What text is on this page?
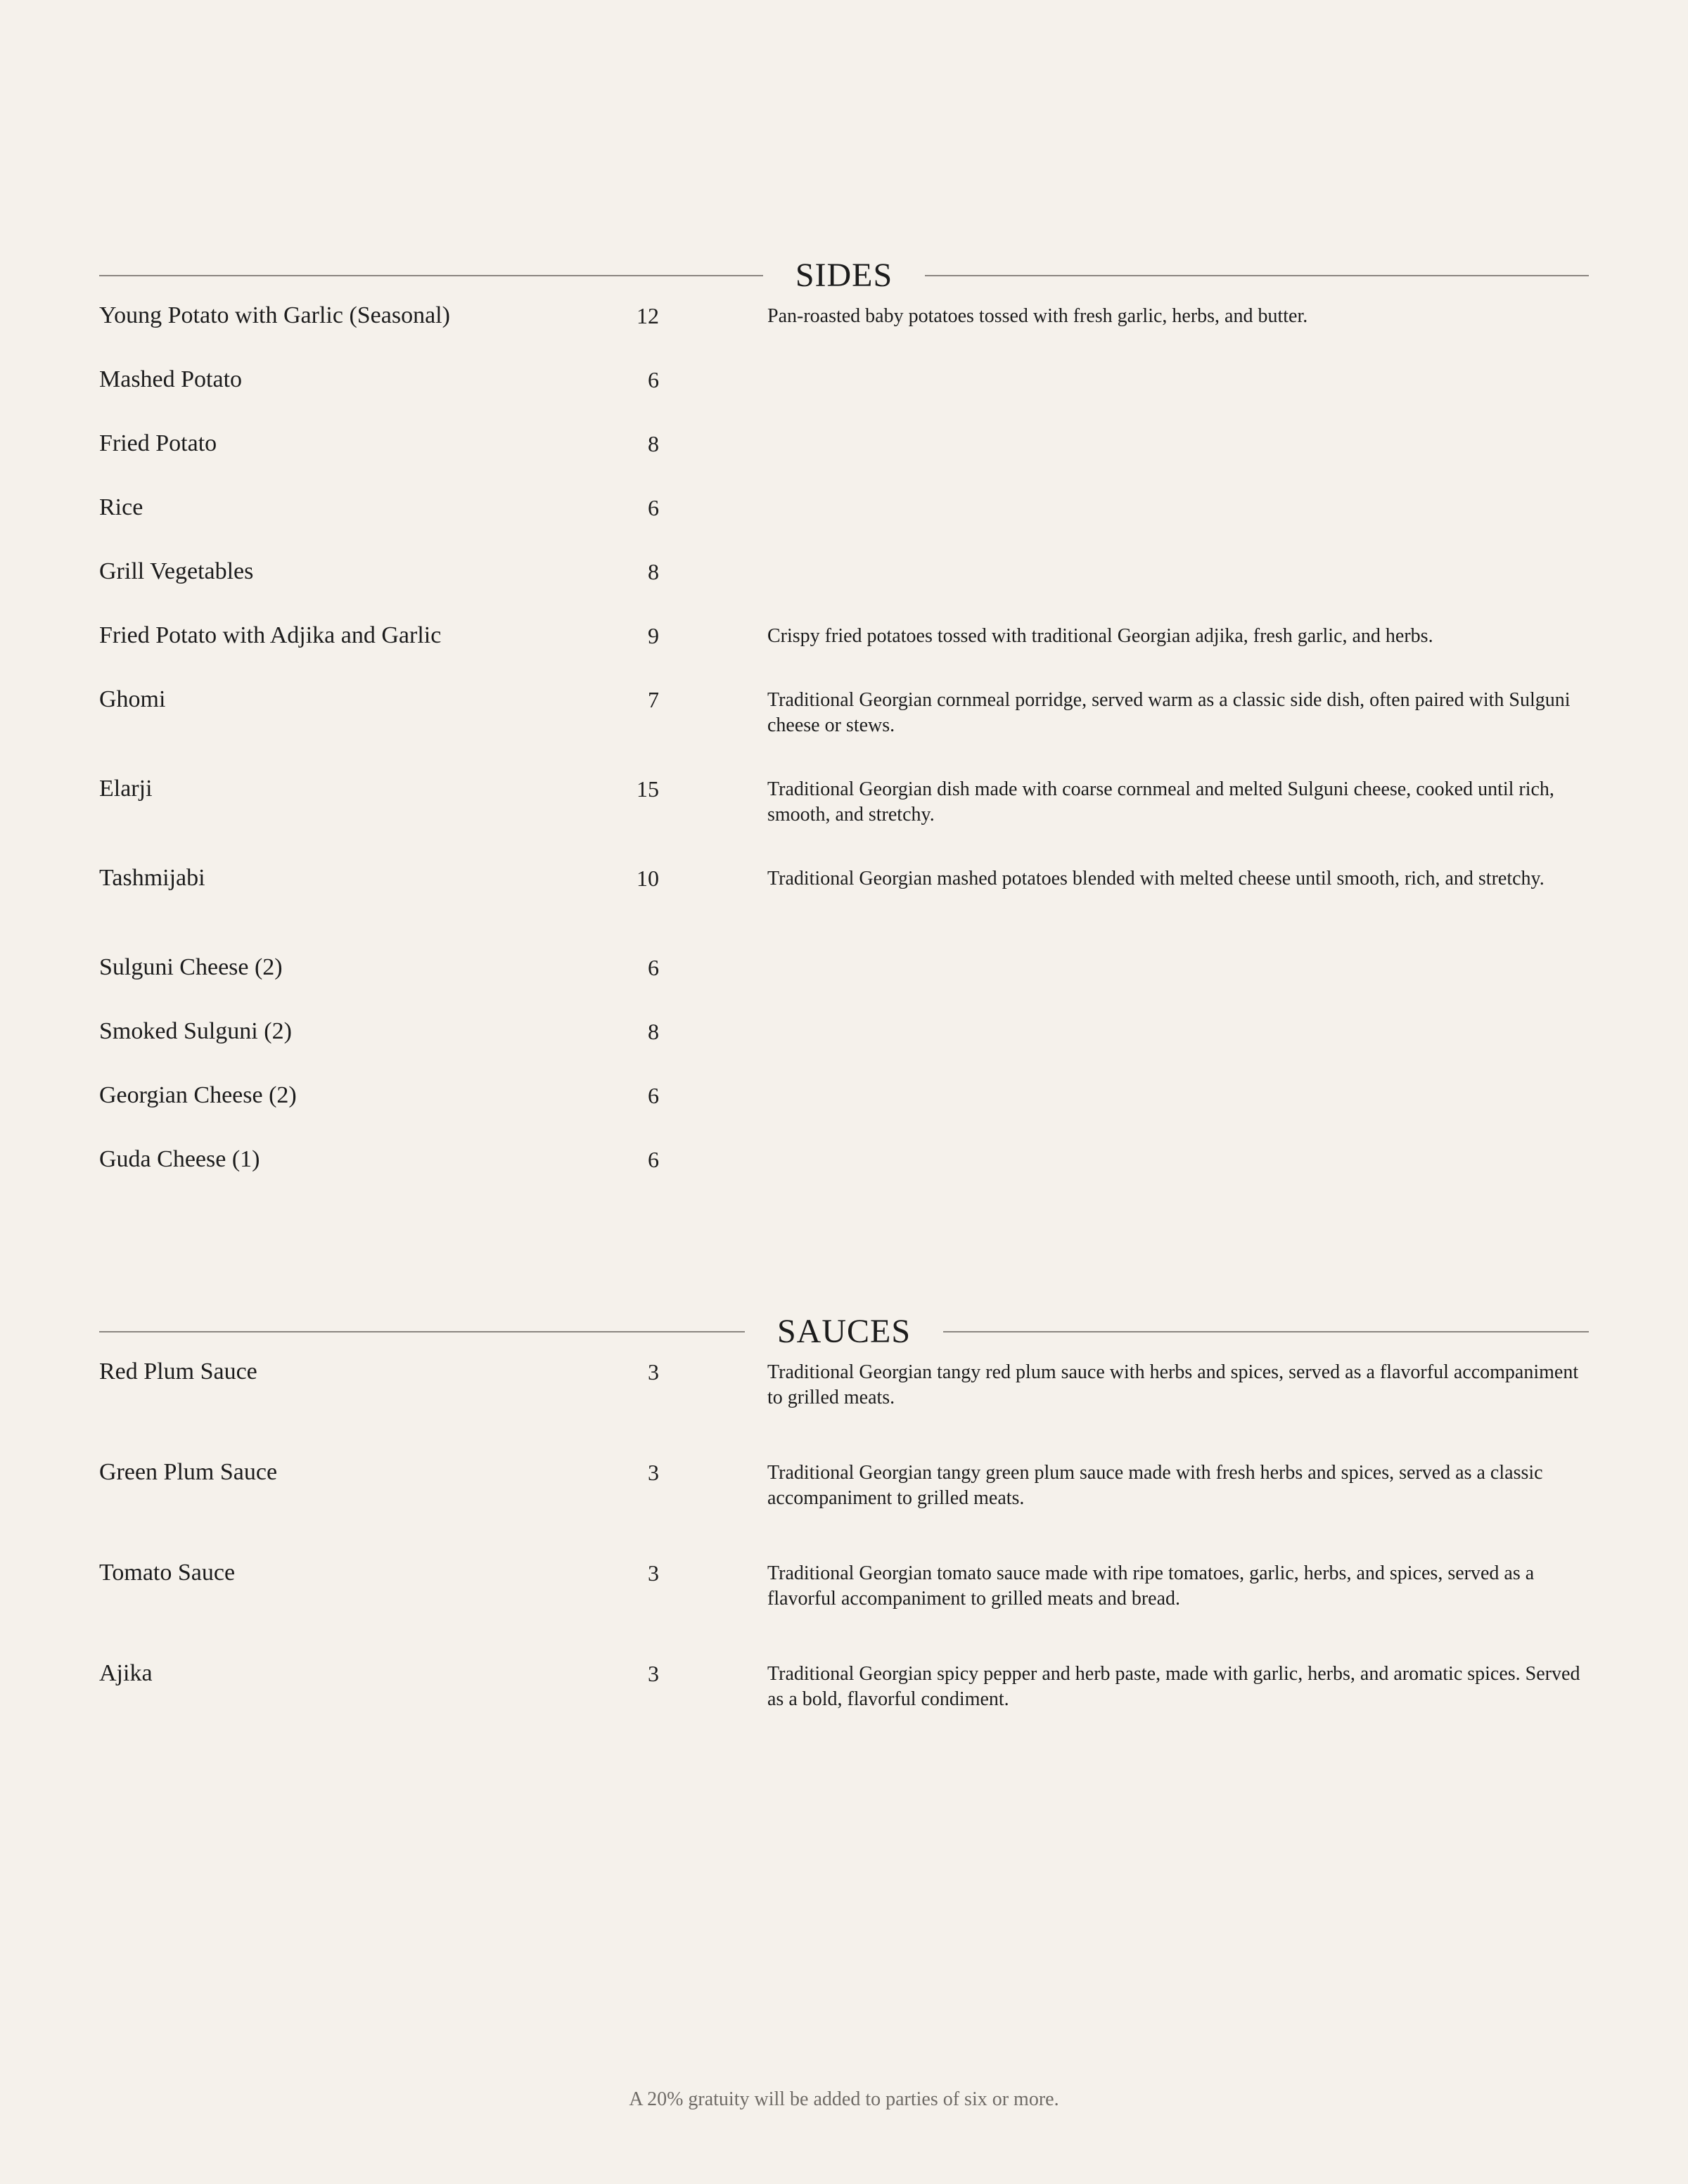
SIDES
Young Potato with Garlic (Seasonal)	12	Pan-roasted baby potatoes tossed with fresh garlic, herbs, and butter.
Mashed Potato	6
Fried Potato	8
Rice	6
Grill Vegetables	8
Fried Potato with Adjika and Garlic	9	Crispy fried potatoes tossed with traditional Georgian adjika, fresh garlic, and herbs.
Ghomi	7	Traditional Georgian cornmeal porridge, served warm as a classic side dish, often paired with Sulguni cheese or stews.
Elarji	15	Traditional Georgian dish made with coarse cornmeal and melted Sulguni cheese, cooked until rich, smooth, and stretchy.
Tashmijabi	10	Traditional Georgian mashed potatoes blended with melted cheese until smooth, rich, and stretchy.
Sulguni Cheese (2)	6
Smoked Sulguni (2)	8
Georgian Cheese (2)	6
Guda Cheese (1)	6
SAUCES
Red Plum Sauce	3	Traditional Georgian tangy red plum sauce with herbs and spices, served as a flavorful accompaniment to grilled meats.
Green Plum Sauce	3	Traditional Georgian tangy green plum sauce made with fresh herbs and spices, served as a classic accompaniment to grilled meats.
Tomato Sauce	3	Traditional Georgian tomato sauce made with ripe tomatoes, garlic, herbs, and spices, served as a flavorful accompaniment to grilled meats and bread.
Ajika	3	Traditional Georgian spicy pepper and herb paste, made with garlic, herbs, and aromatic spices. Served as a bold, flavorful condiment.
A 20% gratuity will be added to parties of six or more.
